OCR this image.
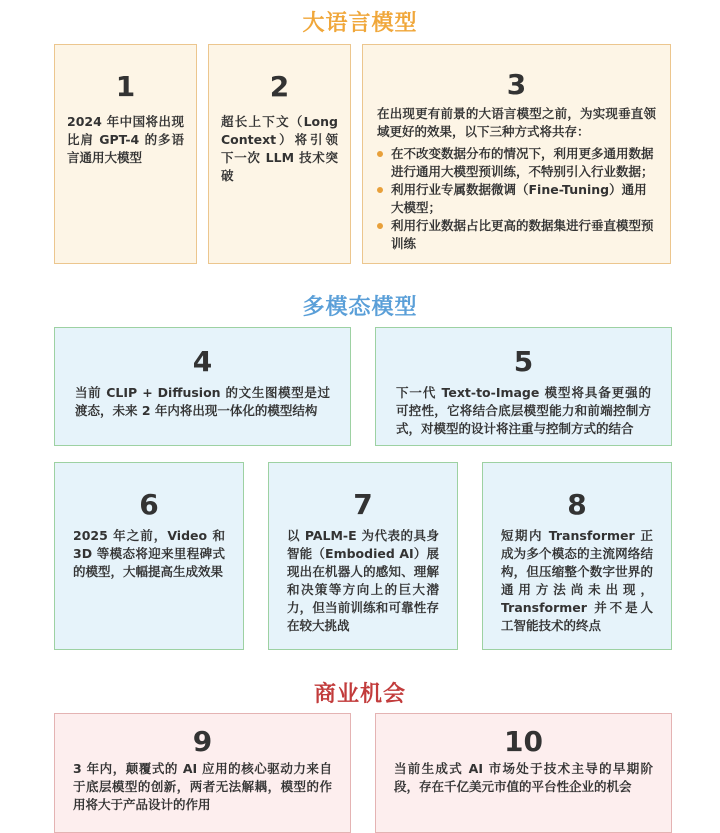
大语言模型
1
2024 年中国将出现比肩 GPT-4 的多语言通用大模型
2
超长上下文（Long Context）将引领下一次 LLM 技术突破
3
在出现更有前景的大语言模型之前，为实现垂直领域更好的效果，以下三种方式将共存：
在不改变数据分布的情况下，利用更多通用数据进行通用大模型预训练，不特别引入行业数据；
利用行业专属数据微调（Fine-Tuning）通用大模型；
利用行业数据占比更高的数据集进行垂直模型预训练
多模态模型
4
当前 CLIP + Diffusion 的文生图模型是过渡态，未来 2 年内将出现一体化的模型结构
5
下一代 Text-to-Image 模型将具备更强的可控性，它将结合底层模型能力和前端控制方式，对模型的设计将注重与控制方式的结合
6
2025 年之前，Video 和 3D 等模态将迎来里程碑式的模型，大幅提高生成效果
7
以 PALM-E 为代表的具身智能（Embodied AI）展现出在机器人的感知、理解和决策等方向上的巨大潜力，但当前训练和可靠性存在较大挑战
8
短期内 Transformer 正成为多个模态的主流网络结构，但压缩整个数字世界的通用方法尚未出现，Transformer 并不是人工智能技术的终点
商业机会
9
3 年内，颠覆式的 AI 应用的核心驱动力来自于底层模型的创新，两者无法解耦，模型的作用将大于产品设计的作用
10
当前生成式 AI 市场处于技术主导的早期阶段，存在千亿美元市值的平台性企业的机会
